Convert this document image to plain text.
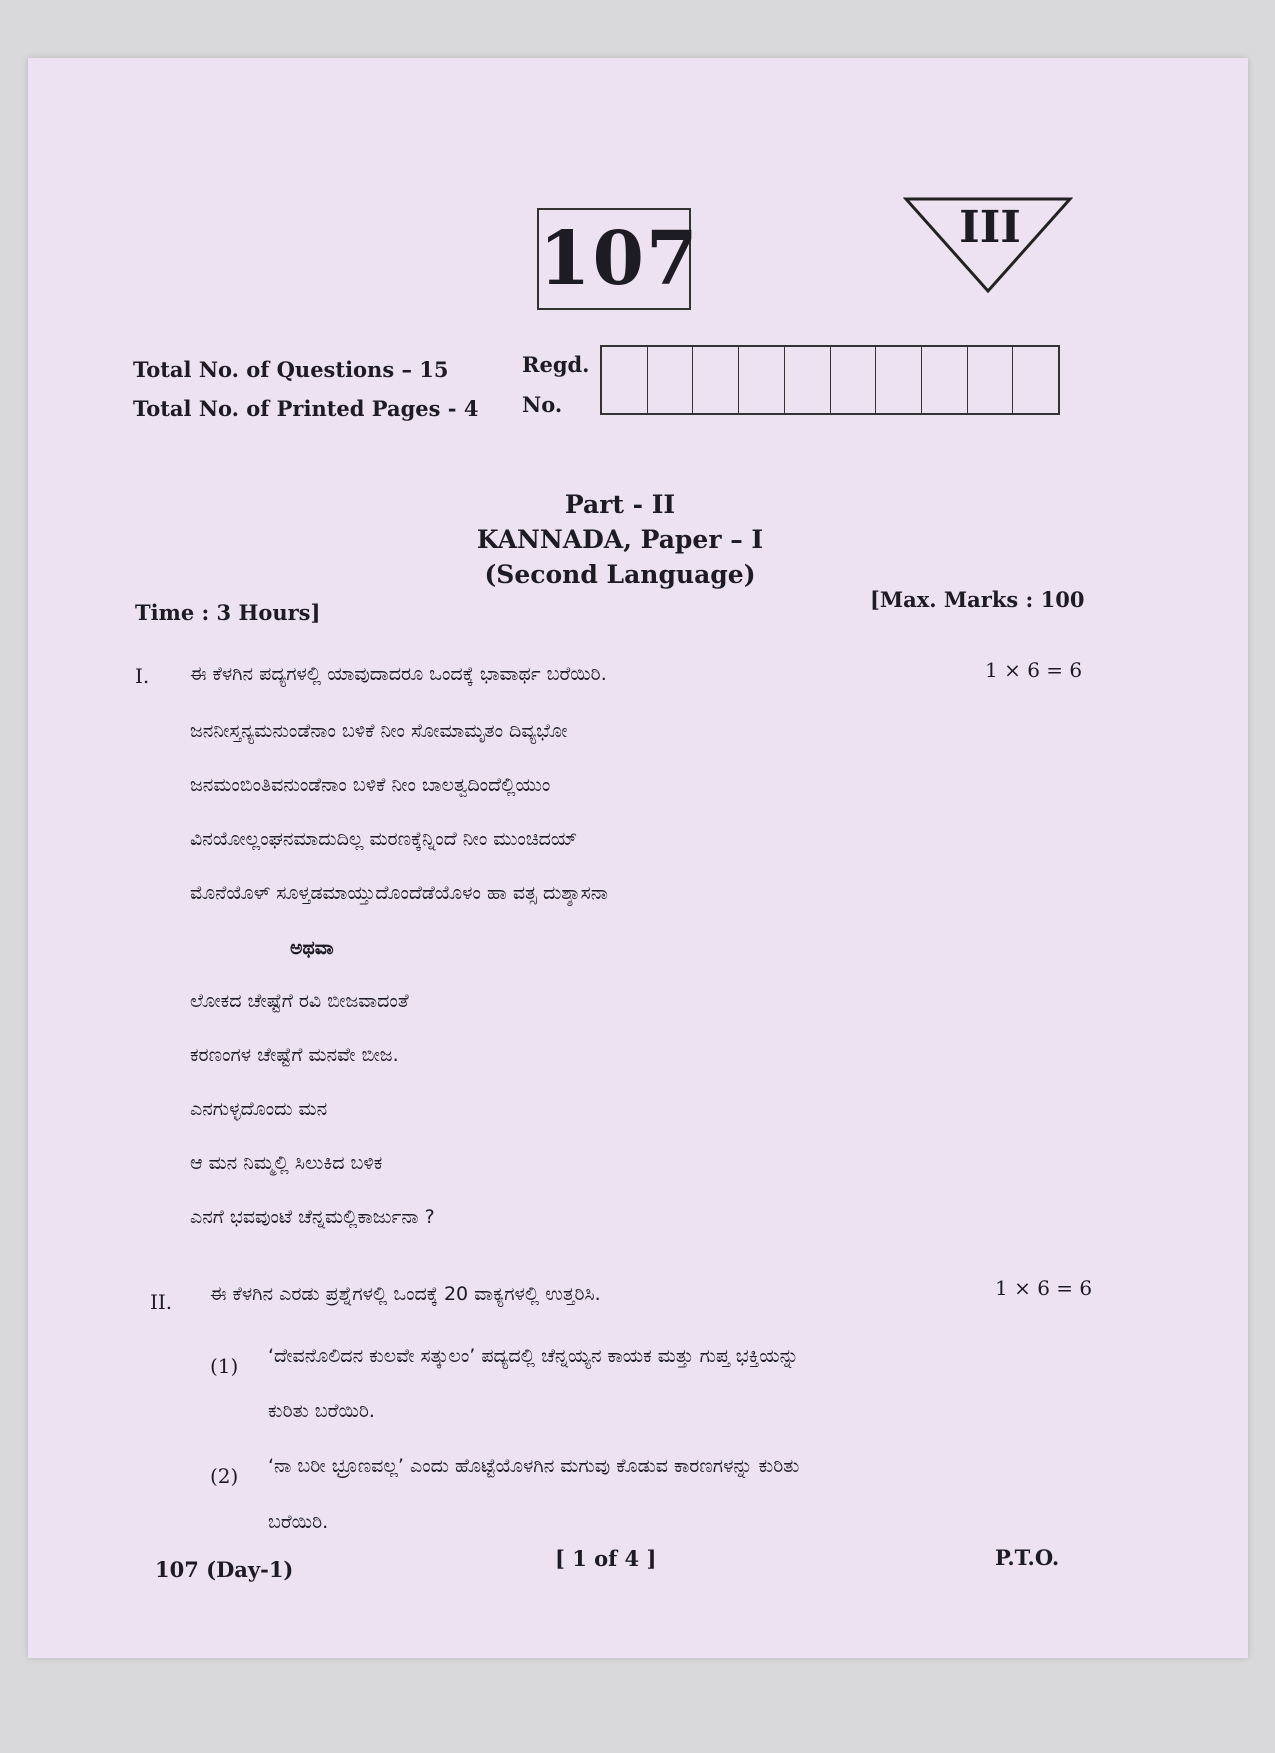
107	III
Total No. of Questions – 15
Total No. of Printed Pages - 4
Regd.
No.
Part - II
KANNADA, Paper – I
(Second Language)
Time : 3 Hours]
[Max. Marks : 100
I. ಈ ಕೆಳಗಿನ ಪದ್ಯಗಳಲ್ಲಿ ಯಾವುದಾದರೂ ಒಂದಕ್ಕೆ ಭಾವಾರ್ಥ ಬರೆಯಿರಿ.	1 × 6 = 6
ಜನನೀಸ್ತನ್ಯಮನುಂಡೆನಾಂ ಬಳಿಕೆ ನೀಂ ಸೋಮಾಮೃತಂ ದಿವ್ಯಭೋ
ಜನಮಂಬಿಂತಿವನುಂಡೆನಾಂ ಬಳಿಕೆ ನೀಂ ಬಾಲತ್ವದಿಂದೆಲ್ಲಿಯುಂ
ವಿನಯೋಲ್ಲಂಘನಮಾದುದಿಲ್ಲ ಮರಣಕ್ಕೆನ್ನಿಂದೆ ನೀಂ ಮುಂಚಿದಯ್
ಮೊನೆಯೊಳ್ ಸೂಳ್ತಡಮಾಯ್ತುದೊಂದೆಡೆಯೊಳಂ ಹಾ ವತ್ಸ ದುಶ್ಶಾಸನಾ
ಅಥವಾ
ಲೋಕದ ಚೇಷ್ಟೆಗೆ ರವಿ ಬೀಜವಾದಂತೆ
ಕರಣಂಗಳ ಚೇಷ್ಟೆಗೆ ಮನವೇ ಬೀಜ.
ಎನಗುಳ್ಳದೊಂದು ಮನ
ಆ ಮನ ನಿಮ್ಮಲ್ಲಿ ಸಿಲುಕಿದ ಬಳಿಕ
ಎನಗೆ ಭವವುಂಟೆ ಚೆನ್ನಮಲ್ಲಿಕಾರ್ಜುನಾ ?
II. ಈ ಕೆಳಗಿನ ಎರಡು ಪ್ರಶ್ನೆಗಳಲ್ಲಿ ಒಂದಕ್ಕೆ 20 ವಾಕ್ಯಗಳಲ್ಲಿ ಉತ್ತರಿಸಿ.	1 × 6 = 6
(1) ‘ದೇವನೊಲಿದನ ಕುಲವೇ ಸತ್ಕುಲಂ’ ಪದ್ಯದಲ್ಲಿ ಚೆನ್ನಯ್ಯನ ಕಾಯಕ ಮತ್ತು ಗುಪ್ತ ಭಕ್ತಿಯನ್ನು
ಕುರಿತು ಬರೆಯಿರಿ.
(2) ‘ನಾ ಬರೀ ಭ್ರೂಣವಲ್ಲ’ ಎಂದು ಹೊಟ್ಟೆಯೊಳಗಿನ ಮಗುವು ಕೊಡುವ ಕಾರಣಗಳನ್ನು ಕುರಿತು
ಬರೆಯಿರಿ.
107 (Day-1)	[ 1 of 4 ]	P.T.O.
